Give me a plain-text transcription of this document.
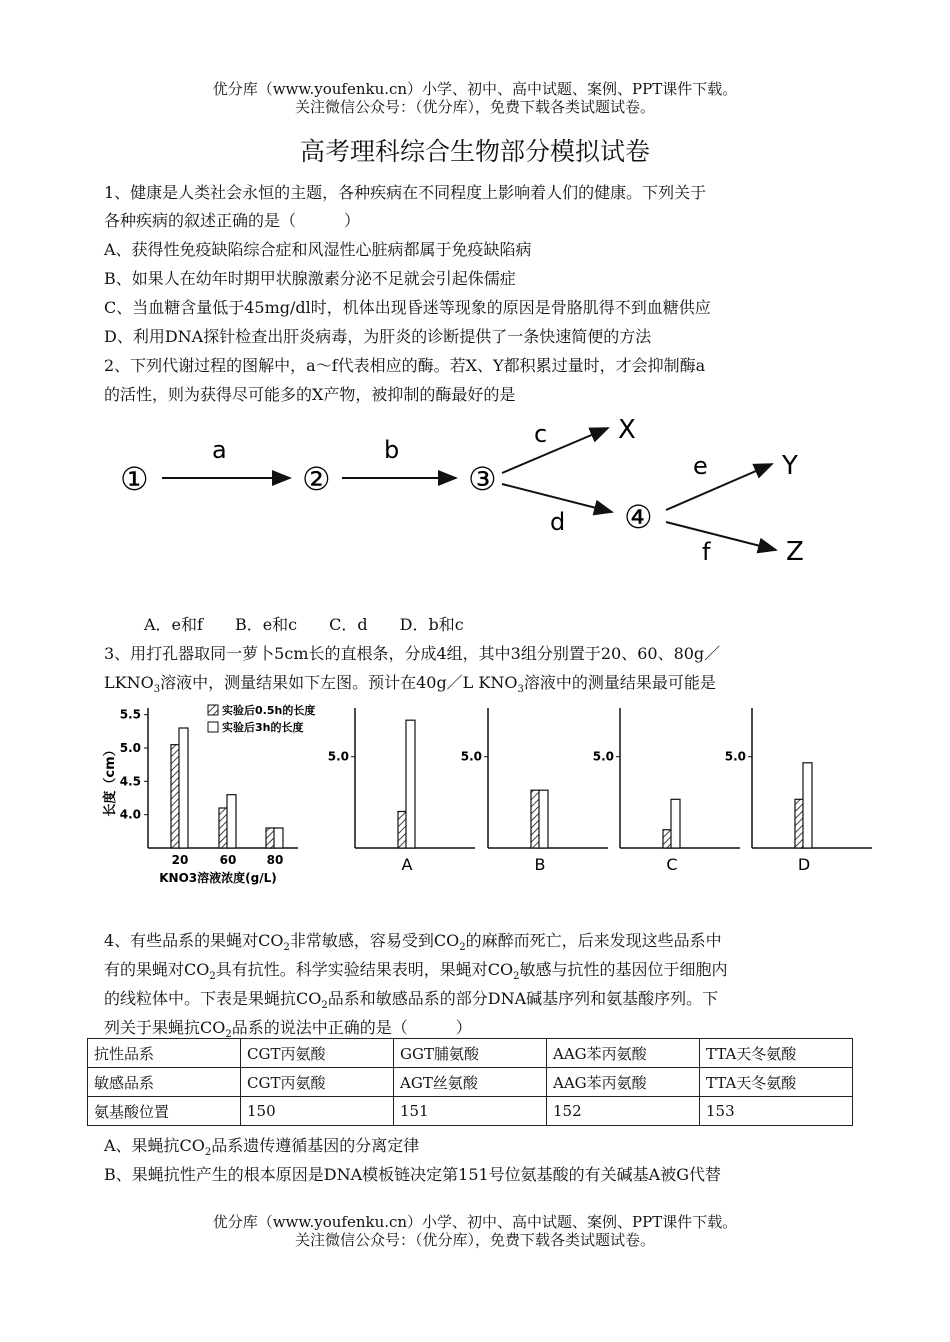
优分库（www.youfenku.cn）小学、初中、高中试题、案例、PPT课件下载。
关注微信公众号：（优分库），免费下载各类试题试卷。
高考理科综合生物部分模拟试卷
1、健康是人类社会永恒的主题，各种疾病在不同程度上影响着人们的健康。下列关于
各种疾病的叙述正确的是（　　　）
A、获得性免疫缺陷综合症和风湿性心脏病都属于免疫缺陷病
B、如果人在幼年时期甲状腺激素分泌不足就会引起侏儒症
C、当血糖含量低于45mg/dl时，机体出现昏迷等现象的原因是骨胳肌得不到血糖供应
D、利用DNA探针检查出肝炎病毒，为肝炎的诊断提供了一条快速简便的方法
2、下列代谢过程的图解中，a～f代表相应的酶。若X、Y都积累过量时，才会抑制酶a
的活性，则为获得尽可能多的X产物，被抑制的酶最好的是
①	②	③
④
a	b
c
d
e
f
X
Y
Z
A．e和f　　B．e和c　　C．d　　D．b和c
3、用打孔器取同一萝卜5cm长的直根条，分成4组，其中3组分别置于20、60、80g／
$LKNO_3$溶液中，测量结果如下左图。预计在40g／L $KNO_3$溶液中的测量结果最可能是
4.0
4.5
5.0
5.5
长度（cm）
20	60	80
KNO3溶液浓度(g/L)
实验后0.5h的长度
实验后3h的长度
5.0
A
5.0
B
5.0
C
5.0
D
4、有些品系的果蝇对$CO_2$非常敏感，容易受到$CO_2$的麻醉而死亡，后来发现这些品系中
有的果蝇对$CO_2$具有抗性。科学实验结果表明，果蝇对$CO_2$敏感与抗性的基因位于细胞内
的线粒体中。下表是果蝇抗$CO_2$品系和敏感品系的部分DNA碱基序列和氨基酸序列。下
列关于果蝇抗$CO_2$品系的说法中正确的是（　　　）
抗性品系	CGT丙氨酸	GGT脯氨酸	AAG苯丙氨酸	TTA天冬氨酸
敏感品系	CGT丙氨酸	AGT丝氨酸	AAG苯丙氨酸	TTA天冬氨酸
氨基酸位置	150	151	152	153
A、果蝇抗$CO_2$品系遗传遵循基因的分离定律
B、果蝇抗性产生的根本原因是DNA模板链决定第151号位氨基酸的有关碱基A被G代替
优分库（www.youfenku.cn）小学、初中、高中试题、案例、PPT课件下载。
关注微信公众号：（优分库），免费下载各类试题试卷。
